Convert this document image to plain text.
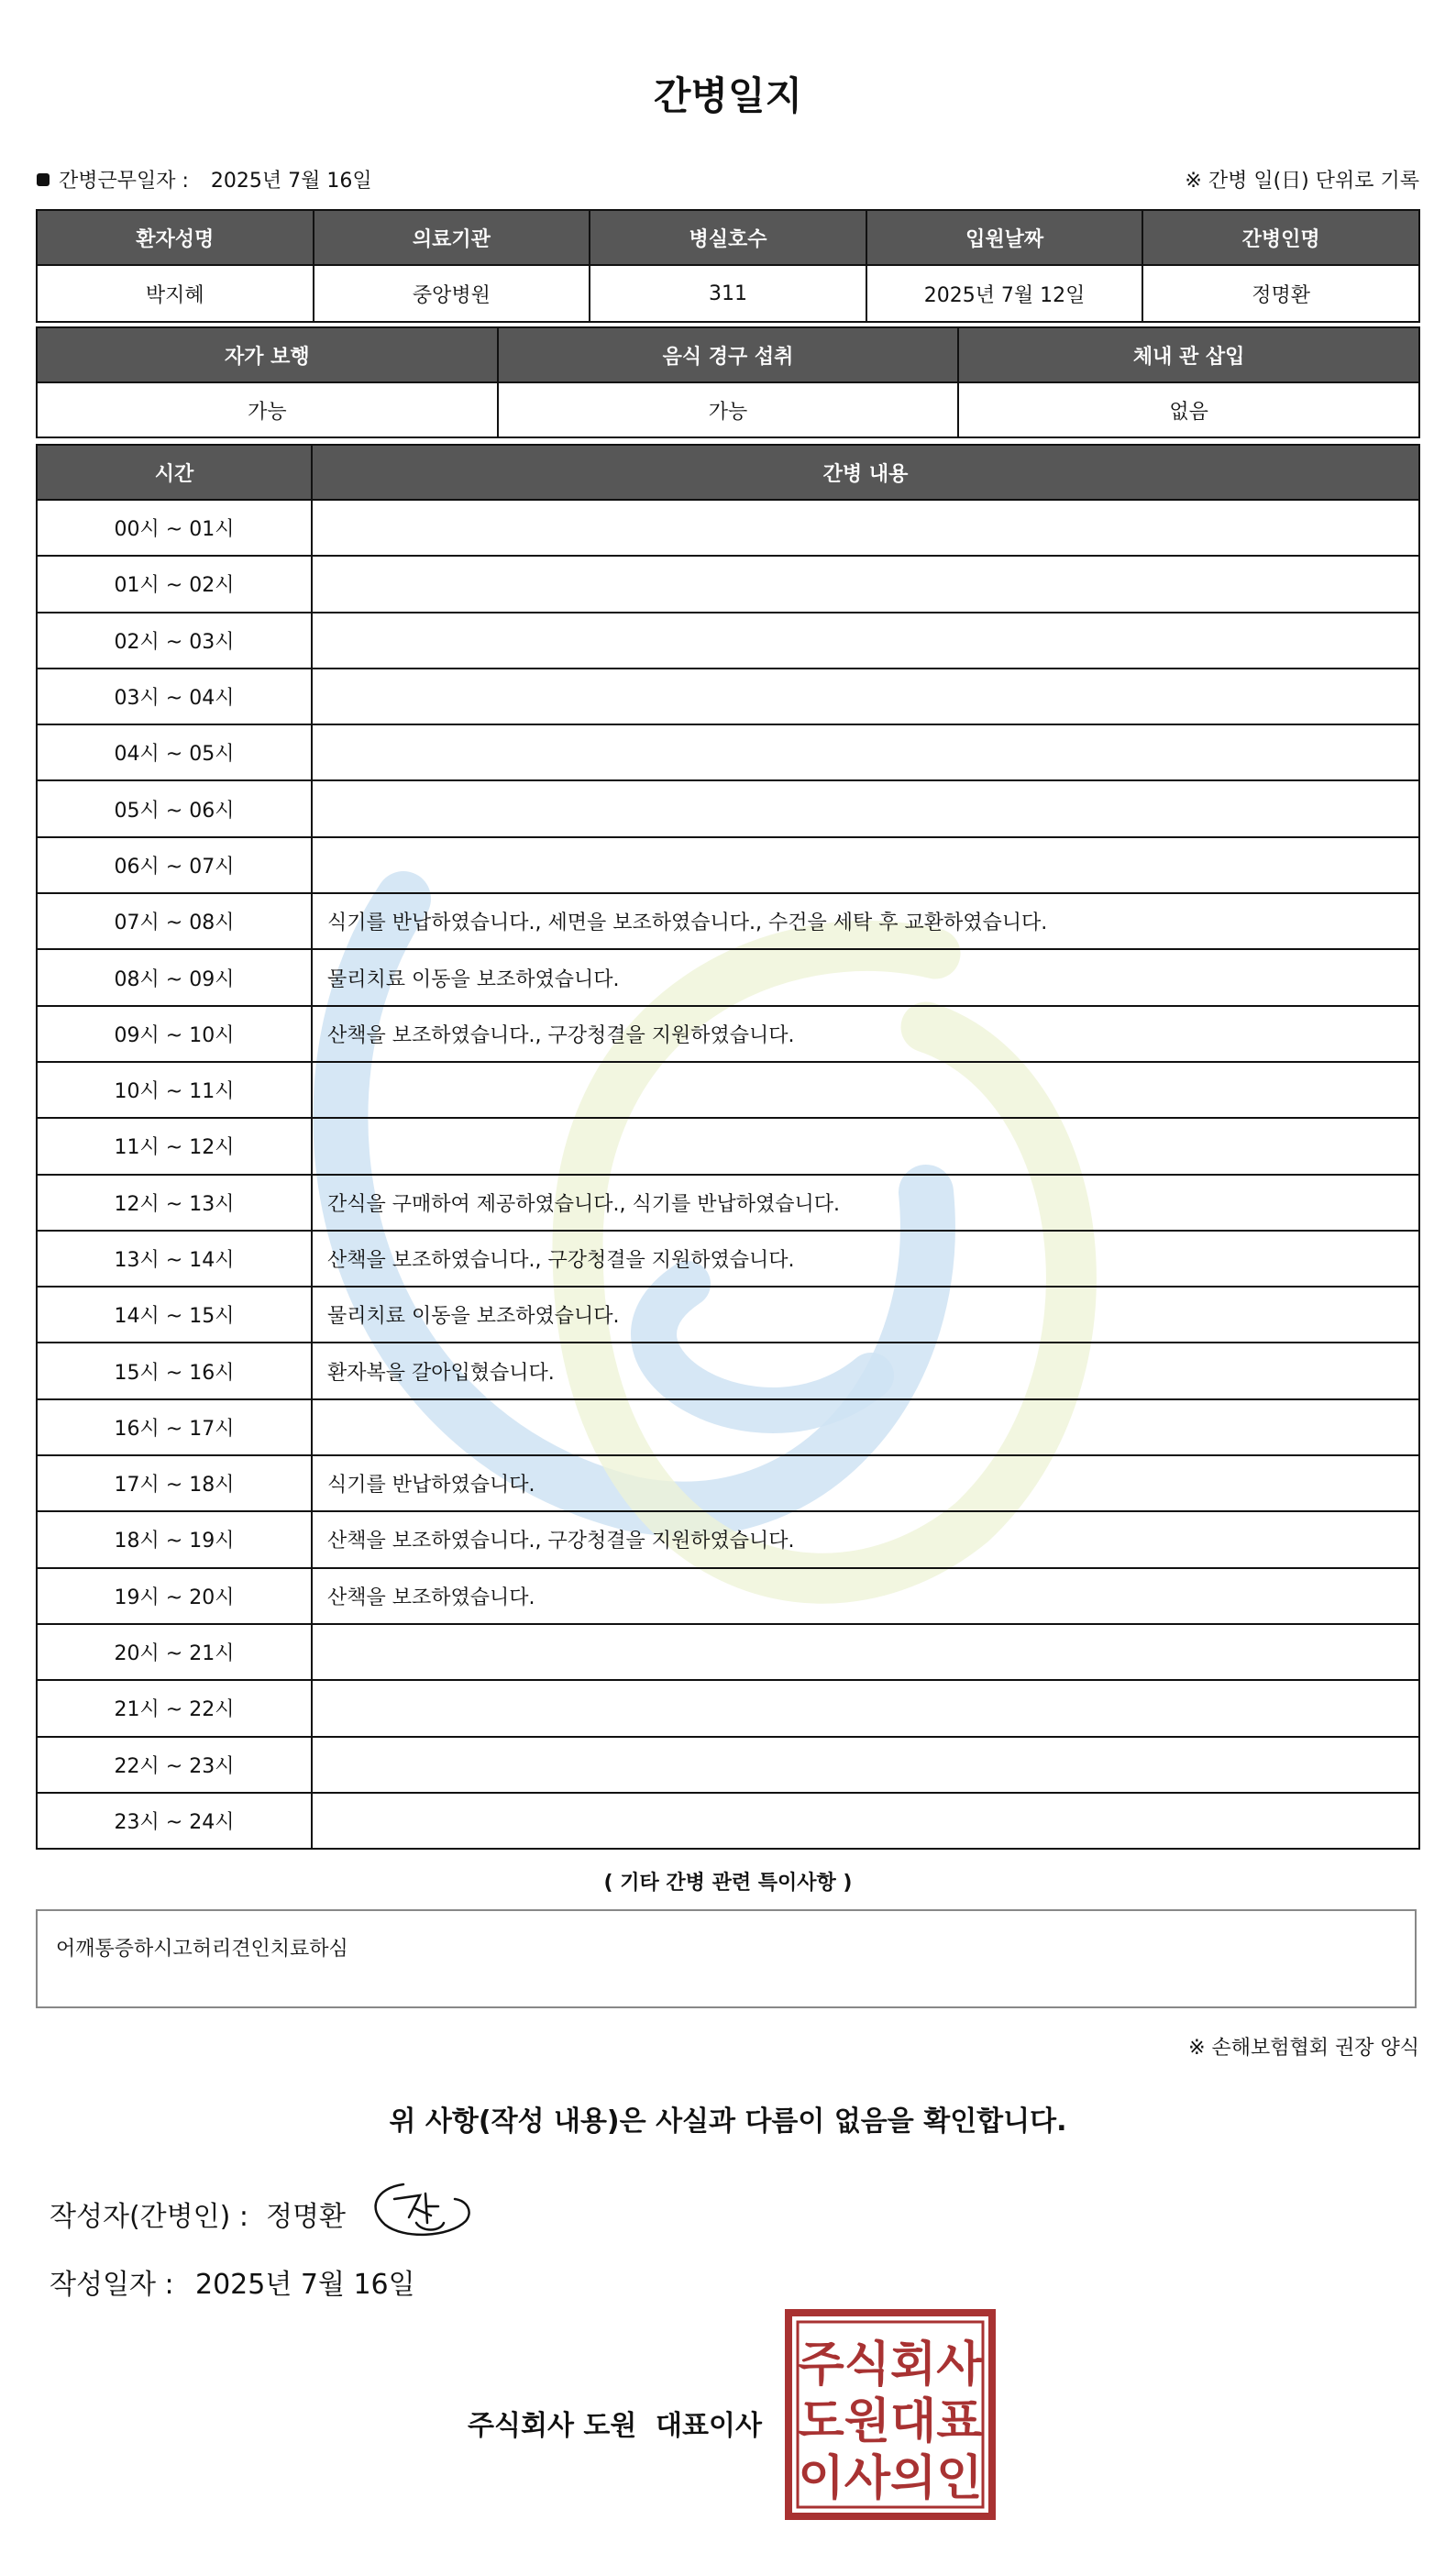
간병일지
간병근무일자 : 2025년 7월 16일	※ 간병 일(日) 단위로 기록
환자성명	의료기관	병실호수	입원날짜	간병인명
박지혜	중앙병원	311	2025년 7월 12일	정명환
자가 보행	음식 경구 섭취	체내 관 삽입
가능	가능	없음
시간	간병 내용
00시 ~ 01시	
01시 ~ 02시	
02시 ~ 03시	
03시 ~ 04시	
04시 ~ 05시	
05시 ~ 06시	
06시 ~ 07시	
07시 ~ 08시	식기를 반납하였습니다., 세면을 보조하였습니다., 수건을 세탁 후 교환하였습니다.
08시 ~ 09시	물리치료 이동을 보조하였습니다.
09시 ~ 10시	산책을 보조하였습니다., 구강청결을 지원하였습니다.
10시 ~ 11시	
11시 ~ 12시	
12시 ~ 13시	간식을 구매하여 제공하였습니다., 식기를 반납하였습니다.
13시 ~ 14시	산책을 보조하였습니다., 구강청결을 지원하였습니다.
14시 ~ 15시	물리치료 이동을 보조하였습니다.
15시 ~ 16시	환자복을 갈아입혔습니다.
16시 ~ 17시	
17시 ~ 18시	식기를 반납하였습니다.
18시 ~ 19시	산책을 보조하였습니다., 구강청결을 지원하였습니다.
19시 ~ 20시	산책을 보조하였습니다.
20시 ~ 21시	
21시 ~ 22시	
22시 ~ 23시	
23시 ~ 24시	
( 기타 간병 관련 특이사항 )
어깨통증하시고허리견인치료하심
※ 손해보험협회 권장 양식
위 사항(작성 내용)은 사실과 다름이 없음을 확인합니다.
작성자(간병인) : 정명환
작성일자 : 2025년 7월 16일
주식회사 도원 대표이사
주식회사
도원대표
이사의인
